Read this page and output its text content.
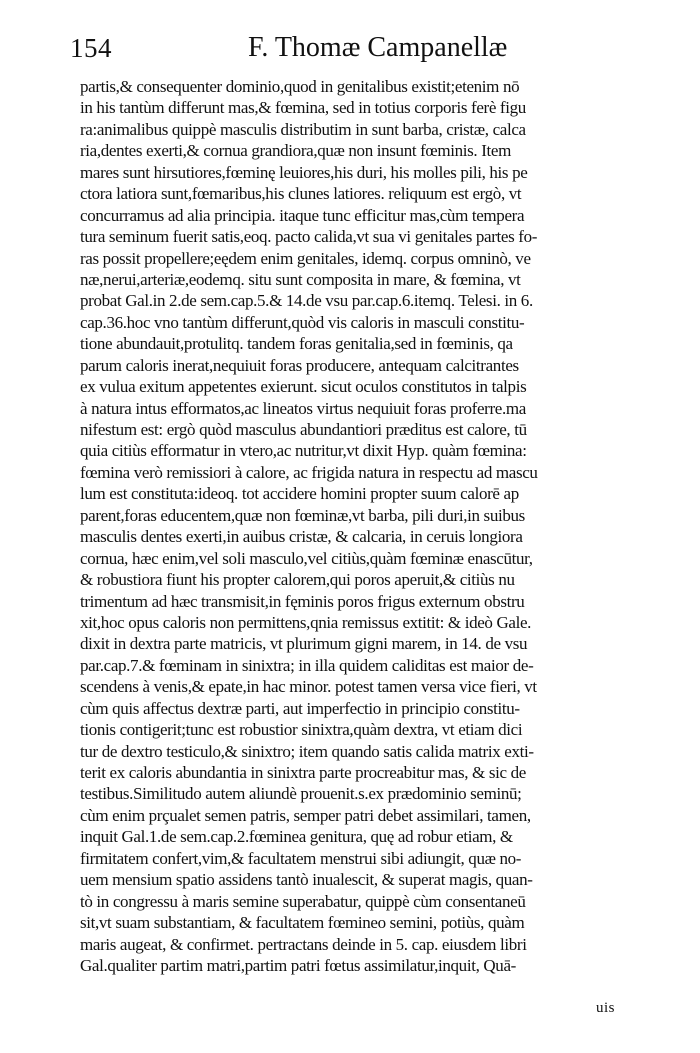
154	F. Thomæ Campanellæ
partis,& consequenter dominio,quod in genitalibus existit;etenim nō
in his tantùm differunt mas,& fœmina, sed in totius corporis ferè figu
ra:animalibus quippè masculis distributim in sunt barba, cristæ, calca
ria,dentes exerti,& cornua grandiora,quæ non insunt fœminis. Item
mares sunt hirsutiores,fœminę leuiores,his duri, his molles pili, his pe
ctora latiora sunt,fœmaribus,his clunes latiores. reliquum est ergò, vt
concurramus ad alia principia. itaque tunc efficitur mas,cùm tempera
tura seminum fuerit satis,eoq. pacto calida,vt sua vi genitales partes fo-
ras possit propellere;eędem enim genitales, idemq. corpus omninò, ve
næ,nerui,arteriæ,eodemq. situ sunt composita in mare, & fœmina, vt
probat Gal.in 2.de sem.cap.5.& 14.de vsu par.cap.6.itemq. Telesi. in 6.
cap.36.hoc vno tantùm differunt,quòd vis caloris in masculi constitu-
tione abundauit,protulitq. tandem foras genitalia,sed in fœminis, qa
parum caloris inerat,nequiuit foras producere, antequam calcitrantes
ex vulua exitum appetentes exierunt. sicut oculos constitutos in talpis
à natura intus efformatos,ac lineatos virtus nequiuit foras proferre.ma
nifestum est: ergò quòd masculus abundantiori præditus est calore, tū
quia citiùs efformatur in vtero,ac nutritur,vt dixit Hyp. quàm fœmina:
fœmina verò remissiori à calore, ac frigida natura in respectu ad mascu
lum est constituta:ideoq. tot accidere homini propter suum calorē ap
parent,foras educentem,quæ non fœminæ,vt barba, pili duri,in suibus
masculis dentes exerti,in auibus cristæ, & calcaria, in ceruis longiora
cornua, hæc enim,vel soli masculo,vel citiùs,quàm fœminæ enascūtur,
& robustiora fiunt his propter calorem,qui poros aperuit,& citiùs nu
trimentum ad hæc transmisit,in fęminis poros frigus externum obstru
xit,hoc opus caloris non permittens,qnia remissus extitit: & ideò Gale.
dixit in dextra parte matricis, vt plurimum gigni marem, in 14. de vsu
par.cap.7.& fœminam in sinixtra; in illa quidem caliditas est maior de-
scendens à venis,& epate,in hac minor. potest tamen versa vice fieri, vt
cùm quis affectus dextræ parti, aut imperfectio in principio constitu-
tionis contigerit;tunc est robustior sinixtra,quàm dextra, vt etiam dici
tur de dextro testiculo,& sinixtro; item quando satis calida matrix exti-
terit ex caloris abundantia in sinixtra parte procreabitur mas, & sic de
testibus.Similitudo autem aliundè prouenit.s.ex prædominio seminū;
cùm enim prçualet semen patris, semper patri debet assimilari, tamen,
inquit Gal.1.de sem.cap.2.fœminea genitura, quę ad robur etiam, &
firmitatem confert,vim,& facultatem menstrui sibi adiungit, quæ no-
uem mensium spatio assidens tantò inualescit, & superat magis, quan-
tò in congressu à maris semine superabatur, quippè cùm consentaneū
sit,vt suam substantiam, & facultatem fœmineo semini, potiùs, quàm
maris augeat, & confirmet. pertractans deinde in 5. cap. eiusdem libri
Gal.qualiter partim matri,partim patri fœtus assimilatur,inquit, Quā-
uis
